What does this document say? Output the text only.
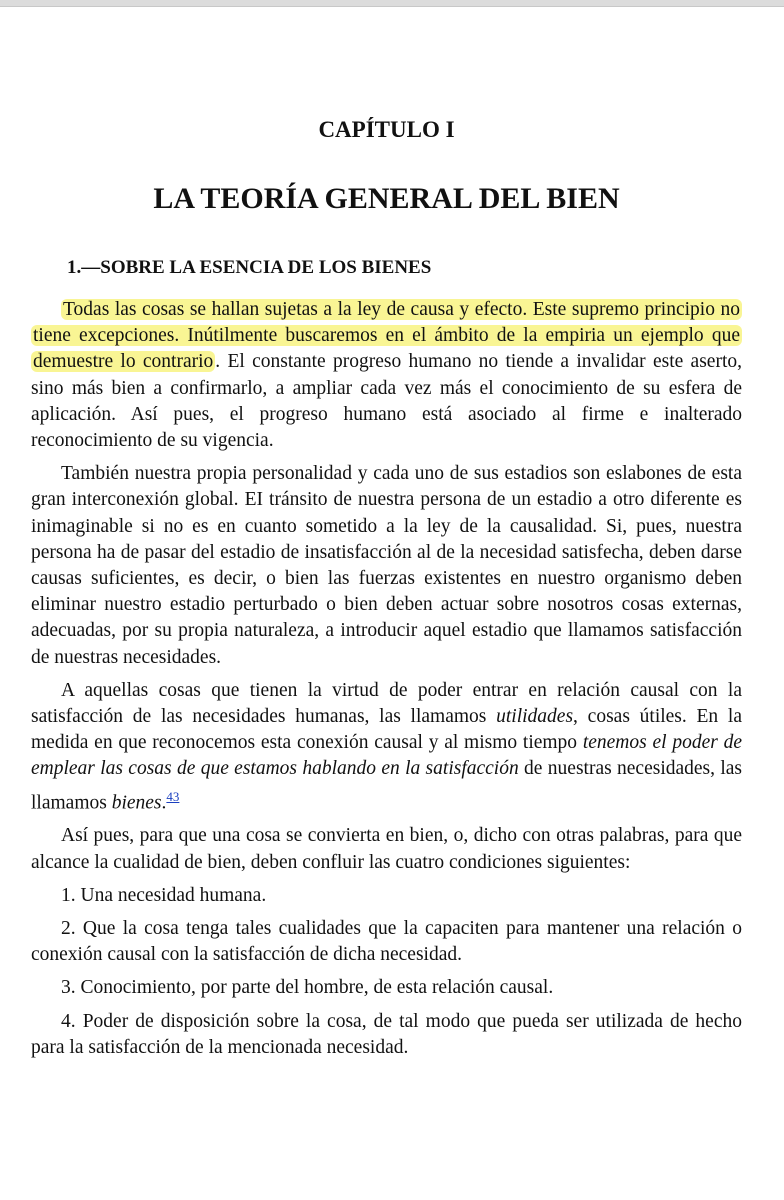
CAPÍTULO I
LA TEORÍA GENERAL DEL BIEN
1.—SOBRE LA ESENCIA DE LOS BIENES

Todas las cosas se hallan sujetas a la ley de causa y efecto. Este supremo principio no tiene excepciones. Inútilmente buscaremos en el ámbito de la empiria un ejemplo que demuestre lo contrario . El constante progreso humano no tiende a invalidar este aserto, sino más bien a confirmarlo, a ampliar cada vez más el conocimiento de su esfera de aplicación. Así pues, el progreso humano está asociado al firme e inalterado reconocimiento de su vigencia.

También nuestra propia personalidad y cada uno de sus estadios son eslabones de esta gran interconexión global. EI tránsito de nuestra persona de un estadio a otro diferente es inimaginable si no es en cuanto sometido a la ley de la causalidad. Si, pues, nuestra persona ha de pasar del estadio de insatisfacción al de la necesidad satisfecha, deben darse causas suficientes, es decir, o bien las fuerzas existentes en nuestro organismo deben eliminar nuestro estadio perturbado o bien deben actuar sobre nosotros cosas externas, adecuadas, por su propia naturaleza, a introducir aquel estadio que llamamos satisfacción de nuestras necesidades.

A aquellas cosas que tienen la virtud de poder entrar en relación causal con la satisfacción de las necesidades humanas, las llamamos utilidades, cosas útiles. En la medida en que reconocemos esta conexión causal y al mismo tiempo tenemos el poder de emplear las cosas de que estamos hablando en la satisfacción de nuestras necesidades, las llamamos bienes.$^{43}$

Así pues, para que una cosa se convierta en bien, o, dicho con otras palabras, para que alcance la cualidad de bien, deben confluir las cuatro condiciones siguientes:

1. Una necesidad humana.

2. Que la cosa tenga tales cualidades que la capaciten para mantener una relación o conexión causal con la satisfacción de dicha necesidad.

3. Conocimiento, por parte del hombre, de esta relación causal.

4. Poder de disposición sobre la cosa, de tal modo que pueda ser utilizada de hecho para la satisfacción de la mencionada necesidad.
